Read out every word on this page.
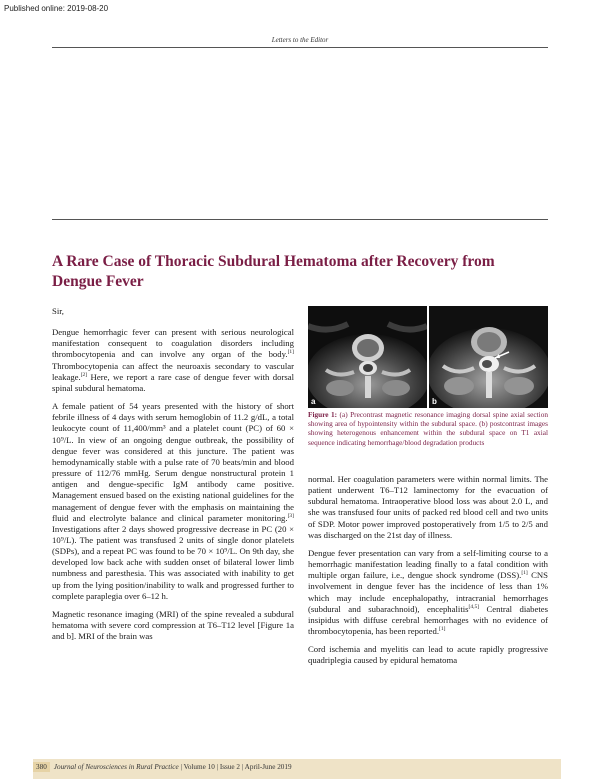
Published online: 2019-08-20
Letters to the Editor
A Rare Case of Thoracic Subdural Hematoma after Recovery from Dengue Fever

Sir,

Dengue hemorrhagic fever can present with serious neurological manifestation consequent to coagulation disorders including thrombocytopenia and can involve any organ of the body.[1] Thrombocytopenia can affect the neuroaxis secondary to vascular leakage.[2] Here, we report a rare case of dengue fever with dorsal spinal subdural hematoma.

A female patient of 54 years presented with the history of short febrile illness of 4 days with serum hemoglobin of 11.2 g/dL, a total leukocyte count of 11,400/mm³ and a platelet count (PC) of 60 × 10⁹/L. In view of an ongoing dengue outbreak, the possibility of dengue fever was considered at this juncture. The patient was hemodynamically stable with a pulse rate of 70 beats/min and blood pressure of 112/76 mmHg. Serum dengue nonstructural protein 1 antigen and dengue-specific IgM antibody came positive. Management ensued based on the existing national guidelines for the management of dengue fever with the emphasis on maintaining the fluid and electrolyte balance and clinical parameter monitoring.[3] Investigations after 2 days showed progressive decrease in PC (20 × 10⁹/L). The patient was transfused 2 units of single donor platelets (SDPs), and a repeat PC was found to be 70 × 10⁹/L. On 9th day, she developed low back ache with sudden onset of bilateral lower limb numbness and paresthesia. This was associated with inability to get up from the lying position/inability to walk and progressed further to complete paraplegia over 6–12 h.

Magnetic resonance imaging (MRI) of the spine revealed a subdural hematoma with severe cord compression at T6–T12 level [Figure 1a and b]. MRI of the brain was

a	b
Figure 1: (a) Precontrast magnetic resonance imaging dorsal spine axial section showing area of hypointensity within the subdural space. (b) postcontrast images showing heterogenous enhancement within the subdural space on T1 axial sequence indicating hemorrhage/blood degradation products

normal. Her coagulation parameters were within normal limits. The patient underwent T6–T12 laminectomy for the evacuation of subdural hematoma. Intraoperative blood loss was about 2.0 L, and she was transfused four units of packed red blood cell and two units of SDP. Motor power improved postoperatively from 1/5 to 2/5 and was discharged on the 21st day of illness.

Dengue fever presentation can vary from a self-limiting course to a hemorrhagic manifestation leading finally to a fatal condition with multiple organ failure, i.e., dengue shock syndrome (DSS).[1] CNS involvement in dengue fever has the incidence of less than 1% which may include encephalopathy, intracranial hemorrhages (subdural and subarachnoid), encephalitis[4,5] Central diabetes insipidus with diffuse cerebral hemorrhages with no evidence of thrombocytopenia, has been reported.[1]

Cord ischemia and myelitis can lead to acute rapidly progressive quadriplegia caused by epidural hematoma

380 Journal of Neurosciences in Rural Practice | Volume 10 | Issue 2 | April-June 2019
